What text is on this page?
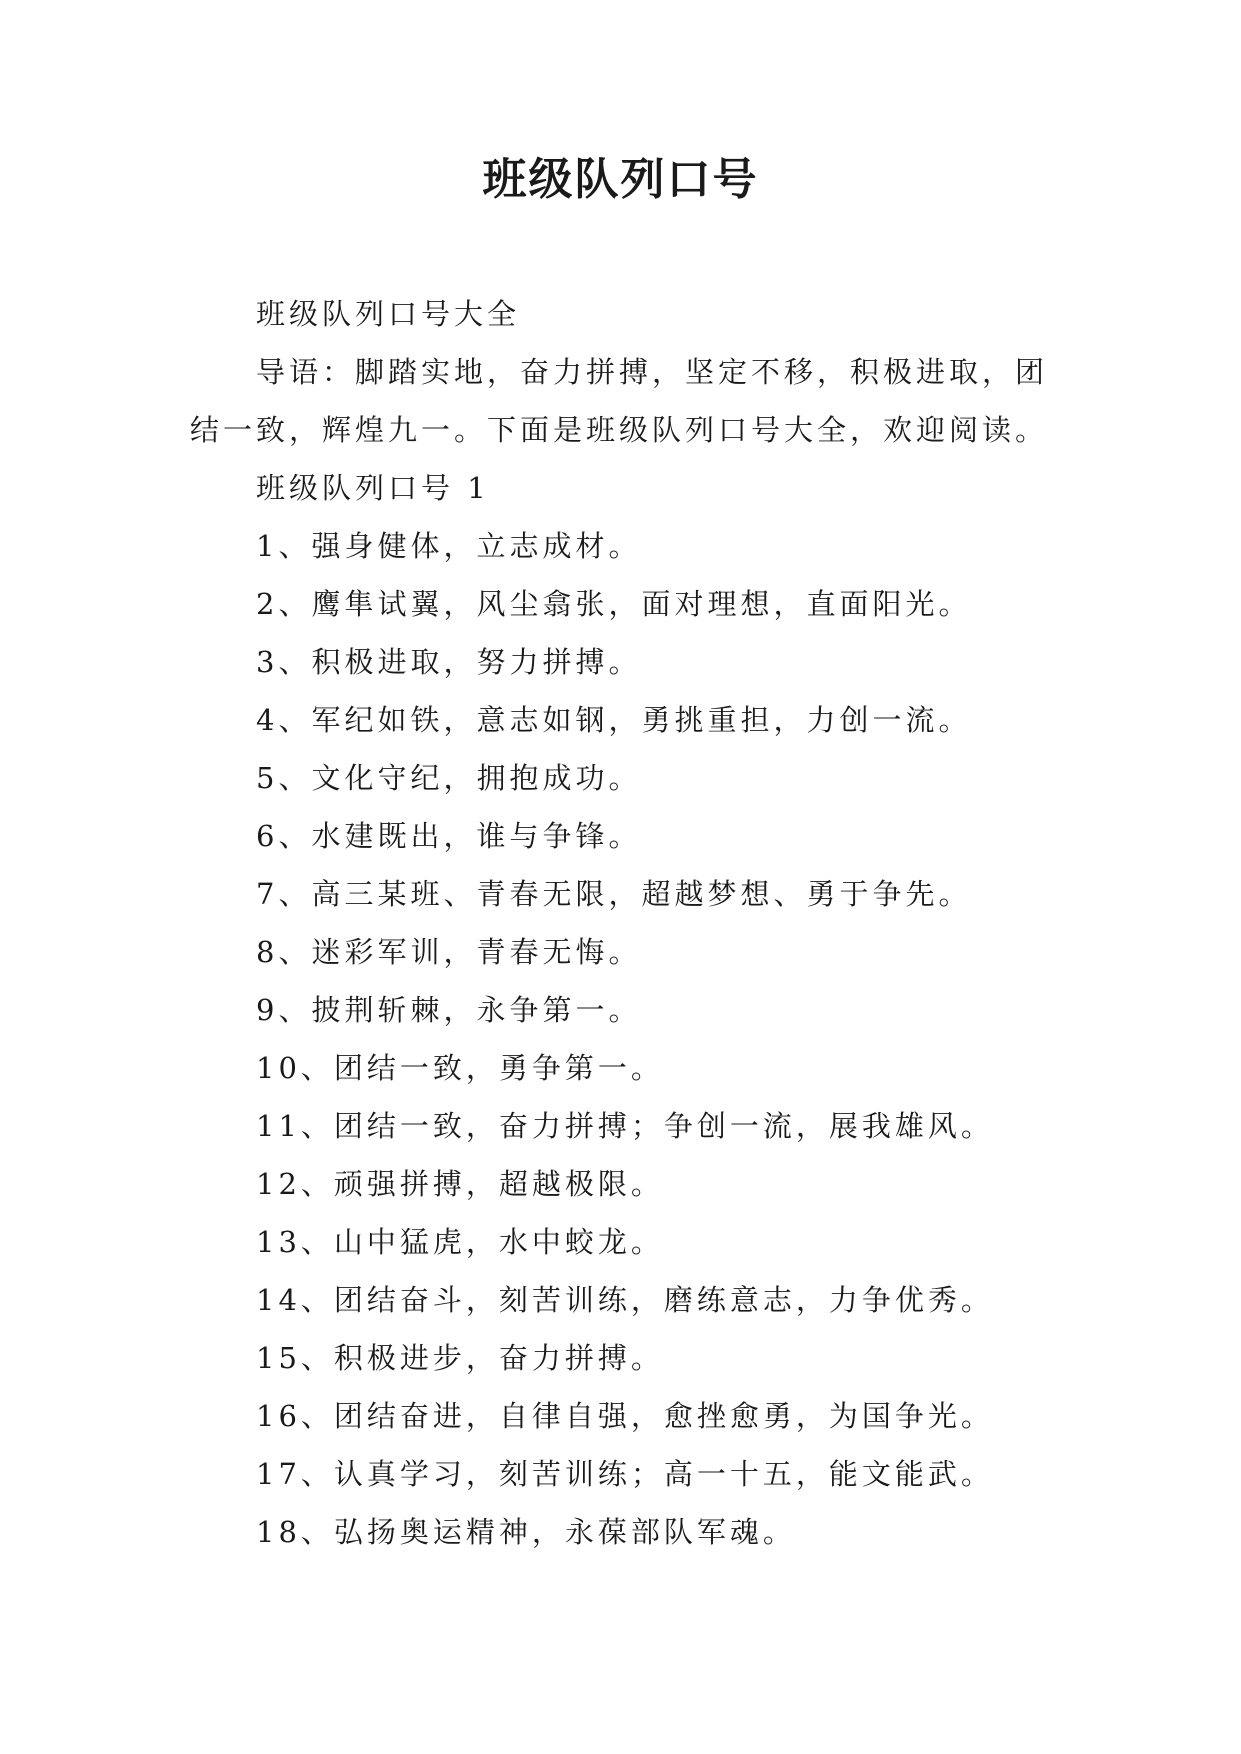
班级队列口号

班级队列口号大全

导语：脚踏实地，奋力拼搏，坚定不移，积极进取，团结一致，辉煌九一。下面是班级队列口号大全，欢迎阅读。

班级队列口号 1

1、强身健体，立志成材。
2、鹰隼试翼，风尘翕张，面对理想，直面阳光。
3、积极进取，努力拼搏。
4、军纪如铁，意志如钢，勇挑重担，力创一流。
5、文化守纪，拥抱成功。
6、水建既出，谁与争锋。
7、高三某班、青春无限，超越梦想、勇于争先。
8、迷彩军训，青春无悔。
9、披荆斩棘，永争第一。
10、团结一致，勇争第一。
11、团结一致，奋力拼搏；争创一流，展我雄风。
12、顽强拼搏，超越极限。
13、山中猛虎，水中蛟龙。
14、团结奋斗，刻苦训练，磨练意志，力争优秀。
15、积极进步，奋力拼搏。
16、团结奋进，自律自强，愈挫愈勇，为国争光。
17、认真学习，刻苦训练；高一十五，能文能武。
18、弘扬奥运精神，永葆部队军魂。
